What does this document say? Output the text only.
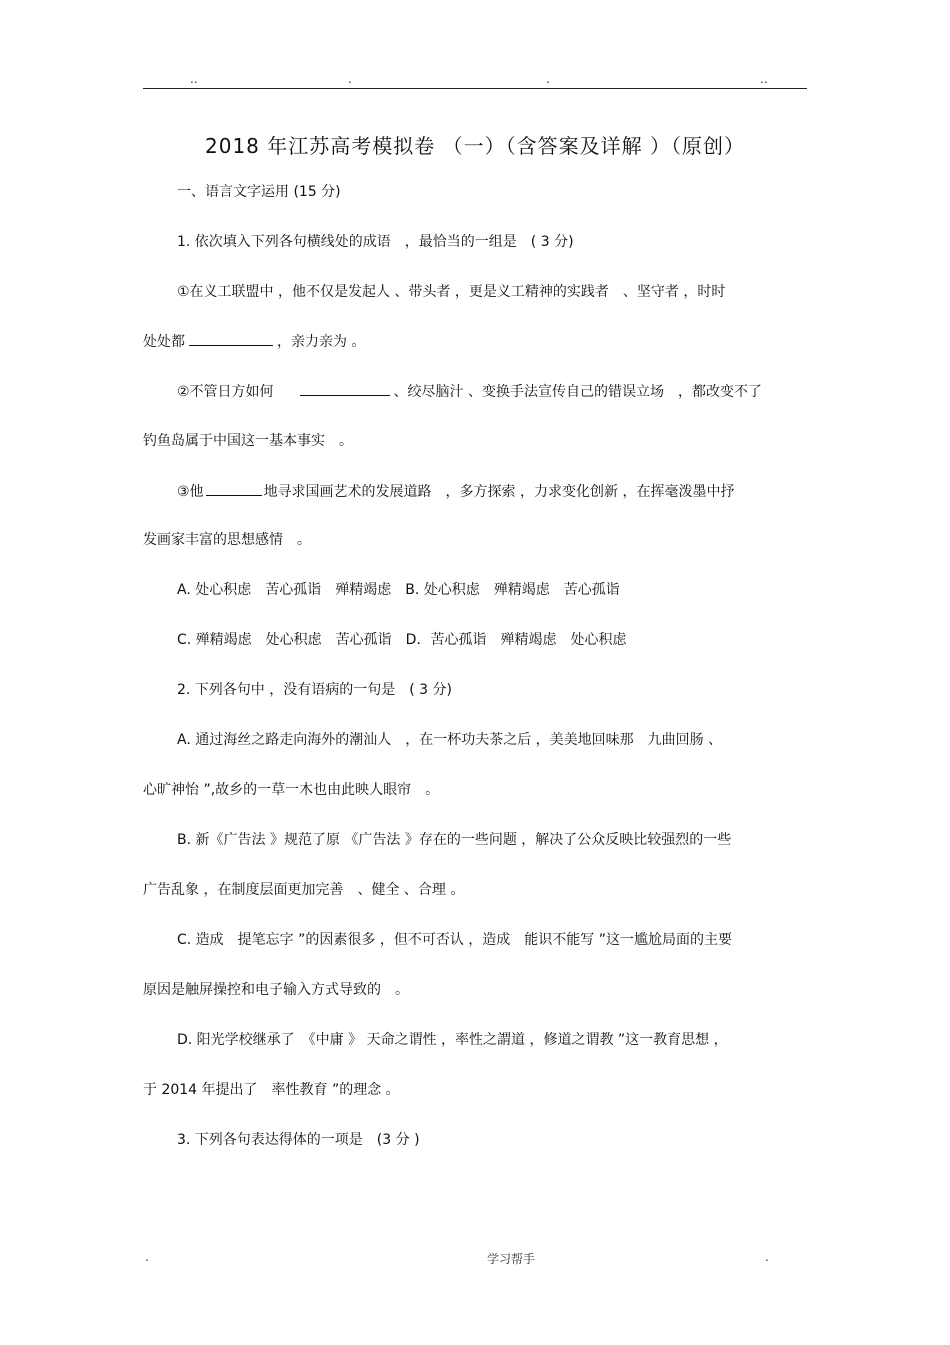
..	.	.	..
2018 年江苏高考模拟卷 （一）（含答案及详解 ）（原创）
一、语言文字运用 (15 分)
1. 依次填入下列各句横线处的成语　，最恰当的一组是　( 3 分)
①在义工联盟中 ，他不仅是发起人 、带头者 ，更是义工精神的实践者　、坚守者 ，时时
处处都	，亲力亲为 。
②不管日方如何	、绞尽脑汁 、变换手法宣传自己的错误立场　，都改变不了
钓鱼岛属于中国这一基本事实　。
③他	地寻求国画艺术的发展道路　，多方探索 ，力求变化创新 ，在挥毫泼墨中抒
发画家丰富的思想感情　。
A. 处心积虑　苦心孤诣　殚精竭虑　B. 处心积虑　殚精竭虑　苦心孤诣
C. 殚精竭虑　处心积虑　苦心孤诣　D．苦心孤诣　殚精竭虑　处心积虑
2. 下列各句中 ，没有语病的一句是　( 3 分)
A. 通过海丝之路走向海外的潮汕人　，在一杯功夫茶之后 ，美美地回味那　九曲回肠 、
心旷神怡 ”,故乡的一草一木也由此映人眼帘　。
B. 新《广告法 》规范了原 《广告法 》存在的一些问题 ，解决了公众反映比较强烈的一些
广告乱象 ，在制度层面更加完善　、健全 、合理 。
C. 造成　提笔忘字 ”的因素很多 ，但不可否认 ，造成　能识不能写 ”这一尴尬局面的主要
原因是触屏操控和电子输入方式导致的　。
D. 阳光学校继承了　《中庸 》 天命之谓性 ，率性之謂道 ，修道之谓教 ”这一教育思想 ，
于 2014 年提出了　率性教育 ”的理念 。
3. 下列各句表达得体的一项是　(3 分 )
.	学习帮手	.
